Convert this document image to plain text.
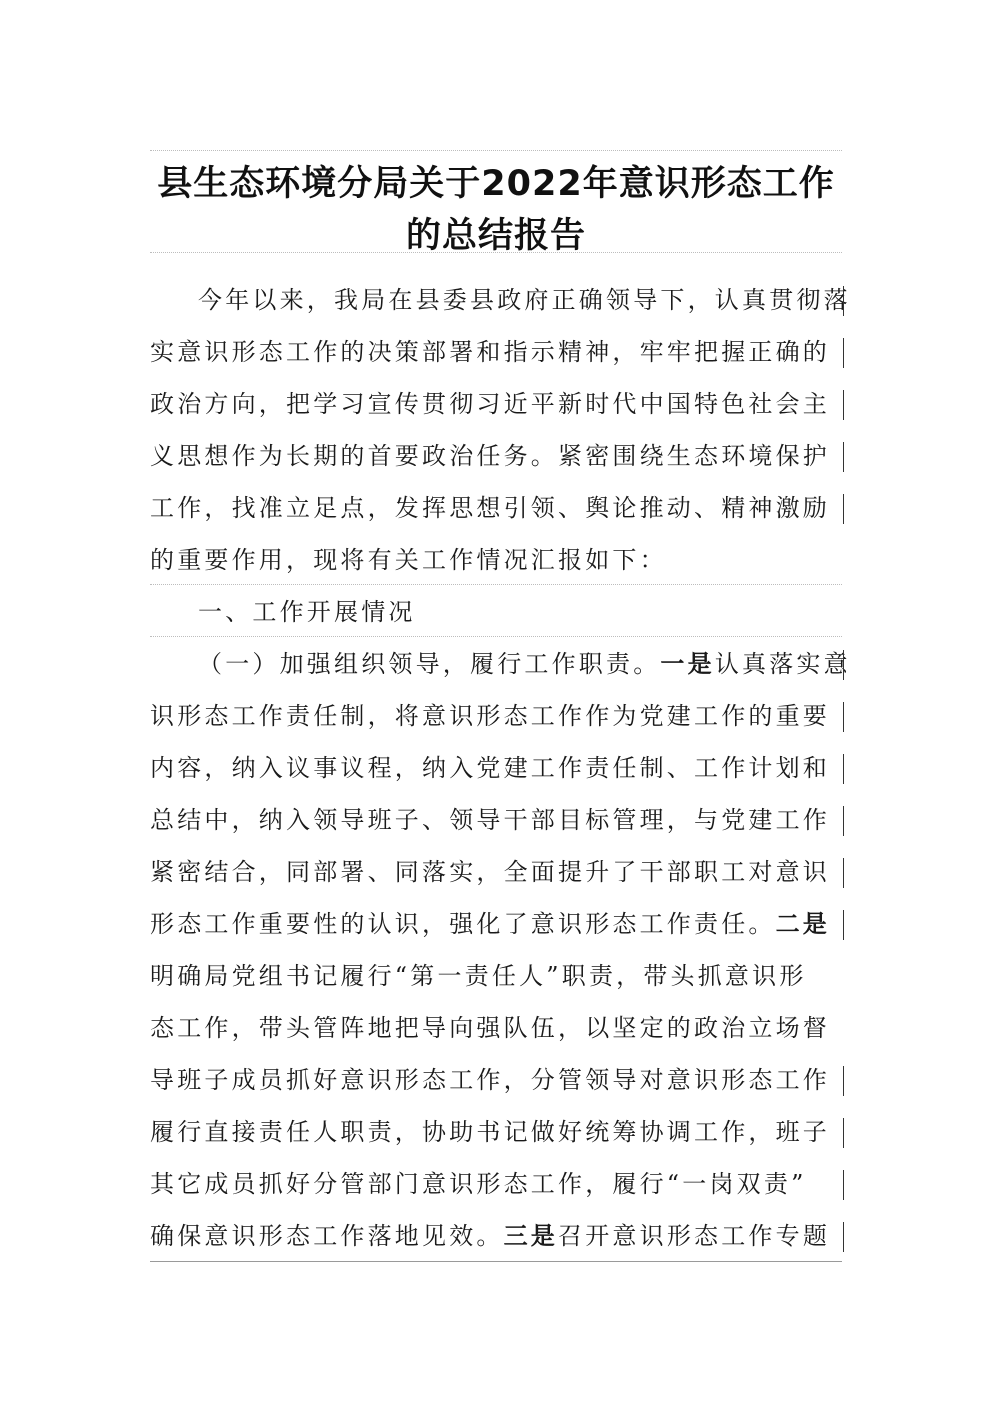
县生态环境分局关于2022年意识形态工作
的总结报告
今年以来，我局在县委县政府正确领导下，认真贯彻落
实意识形态工作的决策部署和指示精神，牢牢把握正确的
政治方向，把学习宣传贯彻习近平新时代中国特色社会主
义思想作为长期的首要政治任务。紧密围绕生态环境保护
工作，找准立足点，发挥思想引领、舆论推动、精神激励
的重要作用，现将有关工作情况汇报如下：
一、工作开展情况
（一）加强组织领导，履行工作职责。一是认真落实意
识形态工作责任制，将意识形态工作作为党建工作的重要
内容，纳入议事议程，纳入党建工作责任制、工作计划和
总结中，纳入领导班子、领导干部目标管理，与党建工作
紧密结合，同部署、同落实，全面提升了干部职工对意识
形态工作重要性的认识，强化了意识形态工作责任。二是
明确局党组书记履行“第一责任人”职责，带头抓意识形
态工作，带头管阵地把导向强队伍，以坚定的政治立场督
导班子成员抓好意识形态工作，分管领导对意识形态工作
履行直接责任人职责，协助书记做好统筹协调工作，班子
其它成员抓好分管部门意识形态工作，履行“一岗双责”
确保意识形态工作落地见效。三是召开意识形态工作专题
